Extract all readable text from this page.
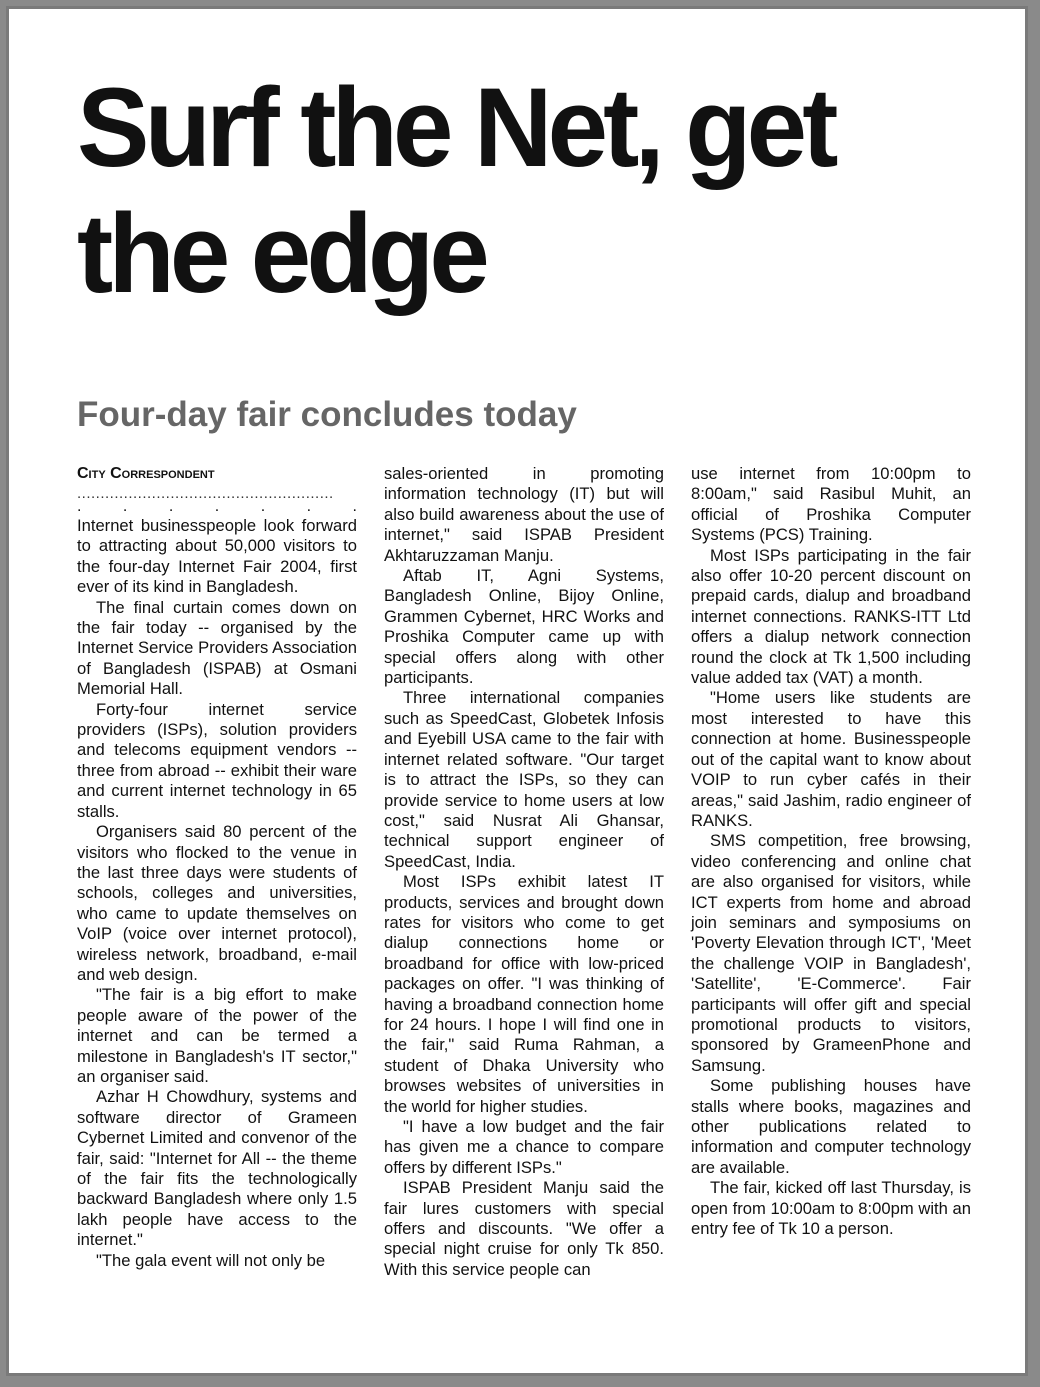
Surf the Net, get the edge
Four-day fair concludes today
City Correspondent
.......................................................
.	.	.	.	.	.	.

Internet businesspeople look forward to attracting about 50,000 visitors to the four-day Internet Fair 2004, first ever of its kind in Bangladesh.

The final curtain comes down on the fair today -- organised by the Internet Service Providers Association of Bangladesh (ISPAB) at Osmani Memorial Hall.

Forty-four internet service providers (ISPs), solution providers and telecoms equipment vendors -- three from abroad -- exhibit their ware and current internet technology in 65 stalls.

Organisers said 80 percent of the visitors who flocked to the venue in the last three days were students of schools, colleges and universities, who came to update themselves on VoIP (voice over internet protocol), wireless network, broadband, e-mail and web design.

"The fair is a big effort to make people aware of the power of the internet and can be termed a milestone in Bangladesh's IT sector," an organiser said.

Azhar H Chowdhury, systems and software director of Grameen Cybernet Limited and convenor of the fair, said: "Internet for All -- the theme of the fair fits the technologically backward Bangladesh where only 1.5 lakh people have access to the internet."

"The gala event will not only be

sales-oriented in promoting information technology (IT) but will also build awareness about the use of internet," said ISPAB President Akhtaruzzaman Manju.

Aftab IT, Agni Systems, Bangladesh Online, Bijoy Online, Grammen Cybernet, HRC Works and Proshika Computer came up with special offers along with other participants.

Three international companies such as SpeedCast, Globetek Infosis and Eyebill USA came to the fair with internet related software. "Our target is to attract the ISPs, so they can provide service to home users at low cost," said Nusrat Ali Ghansar, technical support engineer of SpeedCast, India.

Most ISPs exhibit latest IT products, services and brought down rates for visitors who come to get dialup connections home or broadband for office with low-priced packages on offer. "I was thinking of having a broadband connection home for 24 hours. I hope I will find one in the fair," said Ruma Rahman, a student of Dhaka University who browses websites of universities in the world for higher studies.

"I have a low budget and the fair has given me a chance to compare offers by different ISPs."

ISPAB President Manju said the fair lures customers with special offers and discounts. "We offer a special night cruise for only Tk 850. With this service people can

use internet from 10:00pm to 8:00am," said Rasibul Muhit, an official of Proshika Computer Systems (PCS) Training.

Most ISPs participating in the fair also offer 10-20 percent discount on prepaid cards, dialup and broadband internet connections. RANKS-ITT Ltd offers a dialup network connection round the clock at Tk 1,500 including value added tax (VAT) a month.

"Home users like students are most interested to have this connection at home. Businesspeople out of the capital want to know about VOIP to run cyber cafés in their areas," said Jashim, radio engineer of RANKS.

SMS competition, free browsing, video conferencing and online chat are also organised for visitors, while ICT experts from home and abroad join seminars and symposiums on 'Poverty Elevation through ICT', 'Meet the challenge VOIP in Bangladesh', 'Satellite', 'E-Commerce'. Fair participants will offer gift and special promotional products to visitors, sponsored by GrameenPhone and Samsung.

Some publishing houses have stalls where books, magazines and other publications related to information and computer technology are available.

The fair, kicked off last Thursday, is open from 10:00am to 8:00pm with an entry fee of Tk 10 a person.
